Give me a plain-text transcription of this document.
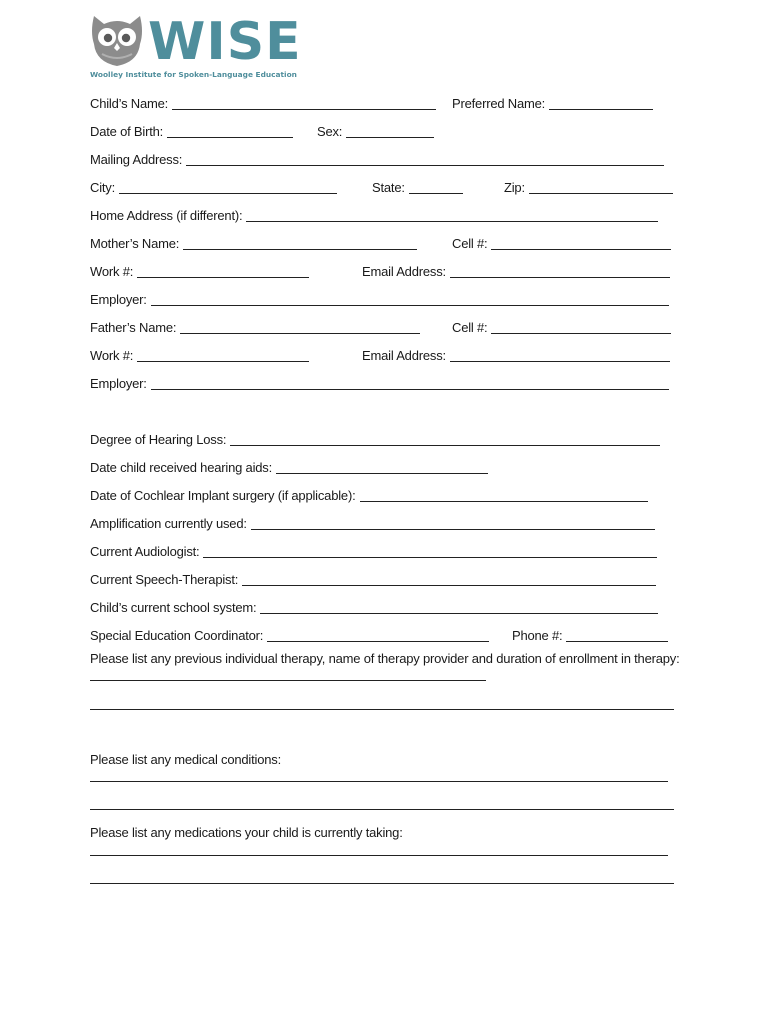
WISE
Woolley Institute for Spoken-Language Education
Child’s Name:	Preferred Name:
Date of Birth:	Sex:
Mailing Address:
City:	State:	Zip:
Home Address (if different):
Mother’s Name:	Cell #:
Work #:	Email Address:
Employer:
Father’s Name:	Cell #:
Work #:	Email Address:
Employer:
Degree of Hearing Loss:
Date child received hearing aids:
Date of Cochlear Implant surgery (if applicable):
Amplification currently used:
Current Audiologist:
Current Speech-Therapist:
Child’s current school system:
Special Education Coordinator:	Phone #:
Please list any previous individual therapy, name of therapy provider and duration of enrollment in therapy:
Please list any medical conditions:
Please list any medications your child is currently taking:
